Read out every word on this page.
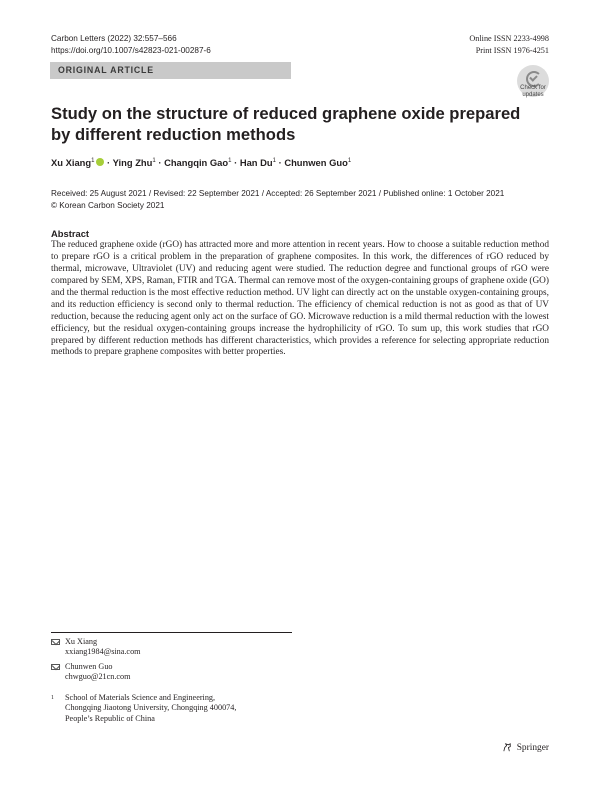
Carbon Letters (2022) 32:557–566
https://doi.org/10.1007/s42823-021-00287-6
Online ISSN 2233-4998
Print ISSN 1976-4251
ORIGINAL ARTICLE
Check for
updates
Study on the structure of reduced graphene oxide prepared by different reduction methods
Xu Xiang$^1$ · Ying Zhu$^1$ · Changqin Gao$^1$ · Han $Du^1$ · Chunwen Guo$^1$
Received: 25 August 2021 / Revised: 22 September 2021 / Accepted: 26 September 2021 / Published online: 1 October 2021
© Korean Carbon Society 2021
Abstract

The reduced graphene oxide (rGO) has attracted more and more attention in recent years. How to choose a suitable reduction method to prepare rGO is a critical problem in the preparation of graphene composites. In this work, the differences of rGO reduced by thermal, microwave, Ultraviolet (UV) and reducing agent were studied. The reduction degree and functional groups of rGO were compared by SEM, XPS, Raman, FTIR and TGA. Thermal can remove most of the oxygen-containing groups of graphene oxide (GO) and the thermal reduction is the most effective reduction method. UV light can directly act on the unstable oxygen-containing groups, and its reduction efficiency is second only to thermal reduction. The efficiency of chemical reduction is not as good as that of UV reduction, because the reducing agent only act on the surface of GO. Microwave reduction is a mild thermal reduction with the lowest efficiency, but the residual oxygen-containing groups increase the hydrophilicity of rGO. To sum up, this work studies that rGO prepared by different reduction methods has different characteristics, which provides a reference for selecting appropriate reduction methods to prepare graphene composites with better properties.

Xu Xiang
xxiang1984@sina.com
Chunwen Guo
chwguo@21cn.com
1	School of Materials Science and Engineering,
Chongqing Jiaotong University, Chongqing 400074,
People’s Republic of China
Springer
